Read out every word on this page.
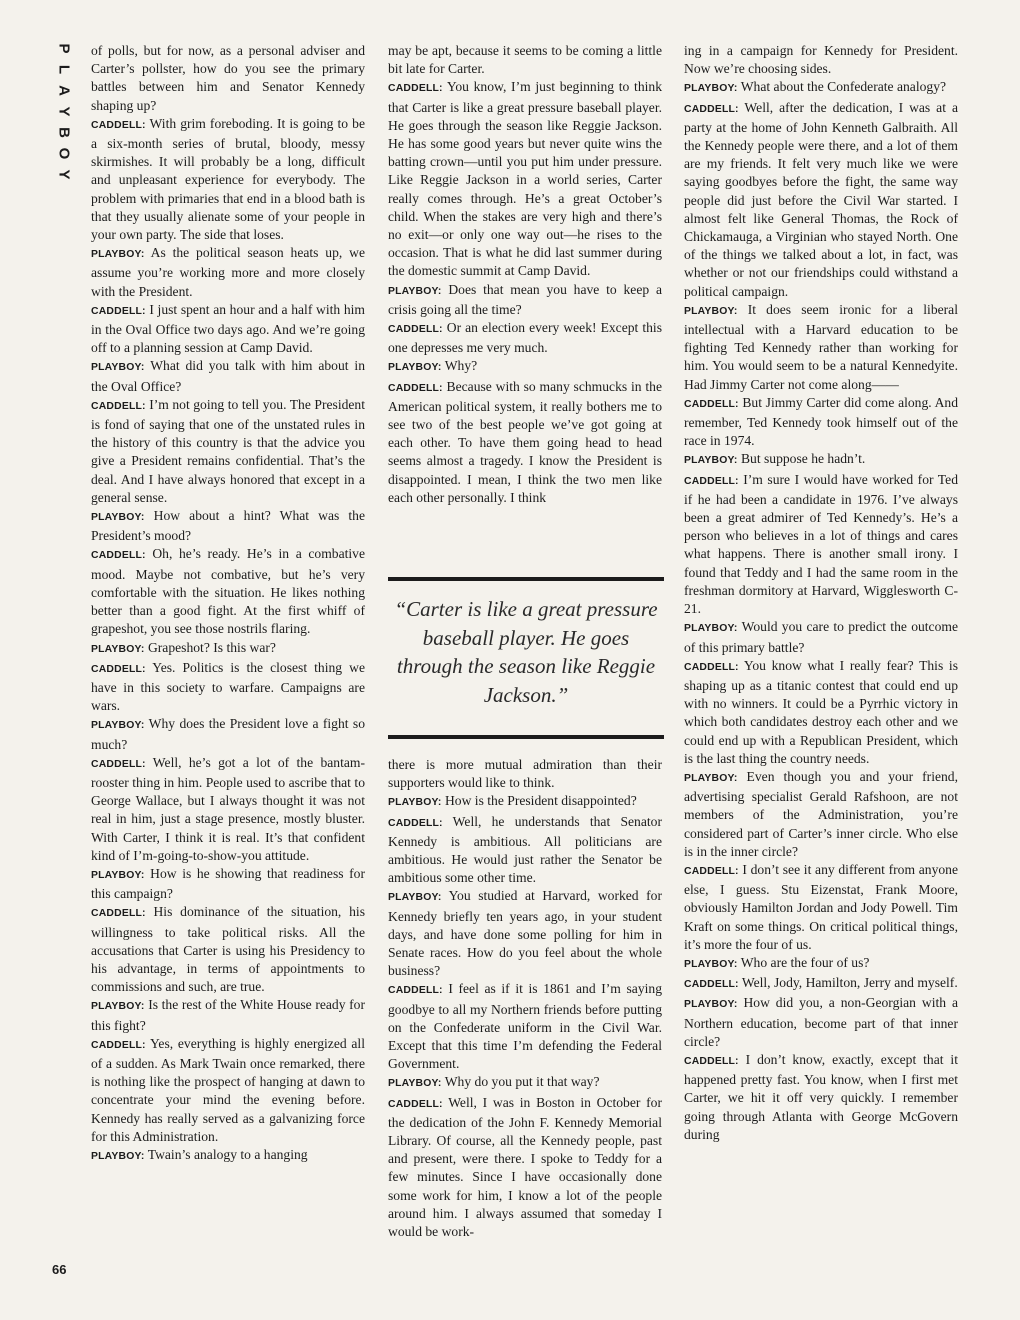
P
L
A
Y
B
O
Y
66

of polls, but for now, as a personal adviser and Carter’s pollster, how do you see the primary battles between him and Senator Kennedy shaping up?

CADDELL: With grim foreboding. It is going to be a six-month series of brutal, bloody, messy skirmishes. It will probably be a long, difficult and unpleasant experience for everybody. The problem with primaries that end in a blood bath is that they usually alienate some of your people in your own party. The side that loses.

PLAYBOY: As the political season heats up, we assume you’re working more and more closely with the President.

CADDELL: I just spent an hour and a half with him in the Oval Office two days ago. And we’re going off to a planning session at Camp David.

PLAYBOY: What did you talk with him about in the Oval Office?

CADDELL: I’m not going to tell you. The President is fond of saying that one of the unstated rules in the history of this country is that the advice you give a President remains confidential. That’s the deal. And I have always honored that except in a general sense.

PLAYBOY: How about a hint? What was the President’s mood?

CADDELL: Oh, he’s ready. He’s in a combative mood. Maybe not combative, but he’s very comfortable with the situation. He likes nothing better than a good fight. At the first whiff of grapeshot, you see those nostrils flaring.

PLAYBOY: Grapeshot? Is this war?

CADDELL: Yes. Politics is the closest thing we have in this society to warfare. Campaigns are wars.

PLAYBOY: Why does the President love a fight so much?

CADDELL: Well, he’s got a lot of the bantam-rooster thing in him. People used to ascribe that to George Wallace, but I always thought it was not real in him, just a stage presence, mostly bluster. With Carter, I think it is real. It’s that confident kind of I’m-going-to-show-you attitude.

PLAYBOY: How is he showing that readiness for this campaign?

CADDELL: His dominance of the situation, his willingness to take political risks. All the accusations that Carter is using his Presidency to his advantage, in terms of appointments to commissions and such, are true.

PLAYBOY: Is the rest of the White House ready for this fight?

CADDELL: Yes, everything is highly energized all of a sudden. As Mark Twain once remarked, there is nothing like the prospect of hanging at dawn to concentrate your mind the evening before. Kennedy has really served as a galvanizing force for this Administration.

PLAYBOY: Twain’s analogy to a hanging

may be apt, because it seems to be coming a little bit late for Carter.

CADDELL: You know, I’m just beginning to think that Carter is like a great pressure baseball player. He goes through the season like Reggie Jackson. He has some good years but never quite wins the batting crown—until you put him under pressure. Like Reggie Jackson in a world series, Carter really comes through. He’s a great October’s child. When the stakes are very high and there’s no exit—or only one way out—he rises to the occasion. That is what he did last summer during the domestic summit at Camp David.

PLAYBOY: Does that mean you have to keep a crisis going all the time?

CADDELL: Or an election every week! Except this one depresses me very much.

PLAYBOY: Why?

CADDELL: Because with so many schmucks in the American political system, it really bothers me to see two of the best people we’ve got going at each other. To have them going head to head seems almost a tragedy. I know the President is disappointed. I mean, I think the two men like each other personally. I think

“Carter is like a great pressure baseball player. He goes through the season like Reggie Jackson.”

there is more mutual admiration than their supporters would like to think.

PLAYBOY: How is the President disappointed?

CADDELL: Well, he understands that Senator Kennedy is ambitious. All politicians are ambitious. He would just rather the Senator be ambitious some other time.

PLAYBOY: You studied at Harvard, worked for Kennedy briefly ten years ago, in your student days, and have done some polling for him in Senate races. How do you feel about the whole business?

CADDELL: I feel as if it is 1861 and I’m saying goodbye to all my Northern friends before putting on the Confederate uniform in the Civil War. Except that this time I’m defending the Federal Government.

PLAYBOY: Why do you put it that way?

CADDELL: Well, I was in Boston in October for the dedication of the John F. Kennedy Memorial Library. Of course, all the Kennedy people, past and present, were there. I spoke to Teddy for a few minutes. Since I have occasionally done some work for him, I know a lot of the people around him. I always assumed that someday I would be work-

ing in a campaign for Kennedy for President. Now we’re choosing sides.

PLAYBOY: What about the Confederate analogy?

CADDELL: Well, after the dedication, I was at a party at the home of John Kenneth Galbraith. All the Kennedy people were there, and a lot of them are my friends. It felt very much like we were saying goodbyes before the fight, the same way people did just before the Civil War started. I almost felt like General Thomas, the Rock of Chickamauga, a Virginian who stayed North. One of the things we talked about a lot, in fact, was whether or not our friendships could withstand a political campaign.

PLAYBOY: It does seem ironic for a liberal intellectual with a Harvard education to be fighting Ted Kennedy rather than working for him. You would seem to be a natural Kennedyite. Had Jimmy Carter not come along——

CADDELL: But Jimmy Carter did come along. And remember, Ted Kennedy took himself out of the race in 1974.

PLAYBOY: But suppose he hadn’t.

CADDELL: I’m sure I would have worked for Ted if he had been a candidate in 1976. I’ve always been a great admirer of Ted Kennedy’s. He’s a person who believes in a lot of things and cares what happens. There is another small irony. I found that Teddy and I had the same room in the freshman dormitory at Harvard, Wigglesworth C-21.

PLAYBOY: Would you care to predict the outcome of this primary battle?

CADDELL: You know what I really fear? This is shaping up as a titanic contest that could end up with no winners. It could be a Pyrrhic victory in which both candidates destroy each other and we could end up with a Republican President, which is the last thing the country needs.

PLAYBOY: Even though you and your friend, advertising specialist Gerald Rafshoon, are not members of the Administration, you’re considered part of Carter’s inner circle. Who else is in the inner circle?

CADDELL: I don’t see it any different from anyone else, I guess. Stu Eizenstat, Frank Moore, obviously Hamilton Jordan and Jody Powell. Tim Kraft on some things. On critical political things, it’s more the four of us.

PLAYBOY: Who are the four of us?

CADDELL: Well, Jody, Hamilton, Jerry and myself.

PLAYBOY: How did you, a non-Georgian with a Northern education, become part of that inner circle?

CADDELL: I don’t know, exactly, except that it happened pretty fast. You know, when I first met Carter, we hit it off very quickly. I remember going through Atlanta with George McGovern during
